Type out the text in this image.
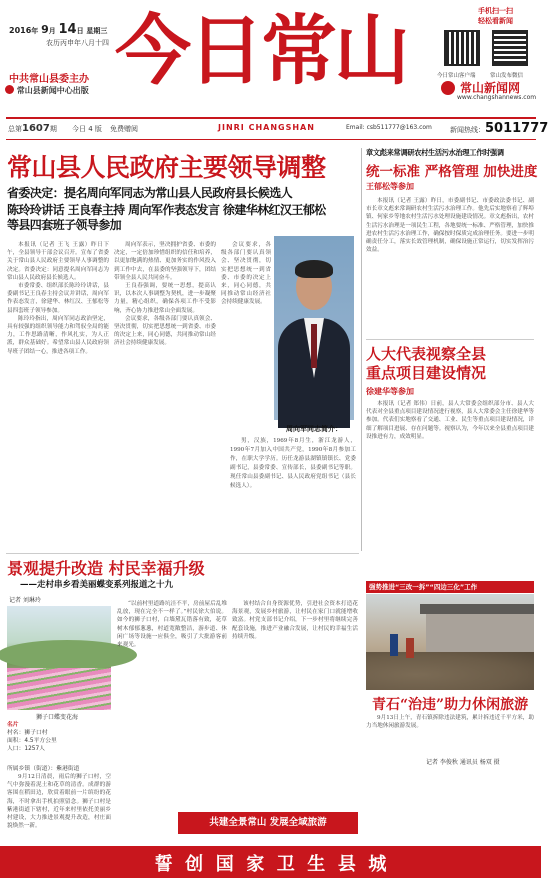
2016年 9月 14日 星期三
农历丙申年八月十四 今日常山
中共常山县委主办
常山县新闻中心出版
手机扫一扫
轻松看新闻
今日常山客户端	常山发布微信
常山新闻网
www.changshannews.com
总第1607期 今日 4 版 免费赠阅	JINRI CHANGSHAN	Email: csb511777@163.com	新闻热线：5011777
常山县人民政府主要领导调整
省委决定：提名周向军同志为常山县人民政府县长候选人
陈玲玲讲话 王良春主持 周向军作表态发言 徐建华林红汉王郁松
等县四套班子领导参加

本报讯（记者 王飞 王露）昨日下午，全县领导干部会议召开。宣布了省委关于常山县人民政府主要领导人事调整的决定。省委决定：同意提名周向军同志为常山县人民政府县长候选人。

市委常委、组织部长陈玲玲讲话，县委副书记王良春主持会议并讲话，周向军作表态发言，徐建华、林红汉、王郁松等县四套班子领导参加。

陈玲玲指出，周向军同志政治坚定，具有较强的组织领导能力和驾驭全局的能力，工作思路清晰，作风扎实，为人正派，群众基础好。希望常山县人民政府领导班子团结一心，推进各项工作。

周向军表示，坚决拥护省委、市委的决定，一定倍加珍惜组织的信任和培养，以更加饱满的热情、更加务实的作风投入到工作中去，在县委的坚强领导下，团结带领全县人民共同奋斗。

王良春强调，要统一思想，提高认识，以本次人事调整为契机，进一步凝聚力量，精心组织，确保各项工作不受影响，齐心协力推进常山全面发展。

会议要求，各级各部门要认真领会、坚决贯彻，切实把思想统一到省委、市委的决定上来，同心同德，共同推动常山经济社会持续健康发展。

会议要求，各级各部门要认真领会、坚决贯彻，切实把思想统一到省委、市委的决定上来，同心同德，共同推动常山经济社会持续健康发展。

周向军同志简介：
男，汉族，1969年8月生，浙江龙游人，1990年7月加入中国共产党，1990年8月参加工作，在职大学学历。历任龙游县湖镇镇镇长、党委副书记，县委常委、宣传部长，县委副书记等职。现任常山县委副书记、县人民政府党组书记（县长候选人）。
章文彪来常调研农村生活污水治理工作时强调
统一标准 严格管理 加快进度
王郁松等参加
本报讯（记者 王露）昨日，市委副书记、市委政法委书记、副市长章文彪来常调研农村生活污水治理工作。他先后实地察看了辉埠镇、何家乡等地农村生活污水处理设施建设情况。章文彪指出，农村生活污水治理是一项民生工程，各地要统一标准、严格管理，加快推进农村生活污水治理工作，确保按时保质完成治理任务。要进一步明确责任分工，落实长效管理机制，确保设施正常运行，切实发挥治污效益。
人大代表视察全县
重点项目建设情况
徐建华等参加
本报讯（记者 郑伟）日前，县人大常委会组织部分市、县人大代表对全县重点项目建设情况进行视察，县人大常委会主任徐建华等参加。代表们实地察看了交通、工业、民生等重点项目建设情况，详细了解项目进展、存在问题等。视察认为，今年以来全县重点项目建设推进有力，成效明显。
强势推进“三改一拆”“四边三化”工作
青石“治违”助力休闲旅游
9月13日上午，青石镇拆除违法建筑，累计拆违近千平方米，助力当地休闲旅游发展。
记者 李俊秋 通讯员 杨双 摄
景观提升改造 村民幸福升级
——走村串乡看美丽蝶变系列报道之十九
记者 刘琳玲
狮子口蝶变花海
名片
村名：狮子口村
面积：4.5平方公里
人口：1257人
所属乡镇（街道）：紫港街道
9月12日清晨，雨后的狮子口村，空气中弥漫着泥土和花草的清香。成群的游客围在稻田边，欣赏着眼前一片缤纷的花海，不时拿出手机拍照留念。狮子口村是紫港街道下辖村，近年来村里依托美丽乡村建设，大力推进景观提升改造，村庄面貌焕然一新。
“以前村里道路坑洼不平，房前屋后乱堆乱放，现在完全不一样了。”村民徐大伯说。如今的狮子口村，白墙黛瓦错落有致，花草树木郁郁葱葱，村道宽敞整洁，游步道、休闲广场等设施一应俱全，吸引了大批游客前来观光。
该村结合自身资源优势，引进社会资本打造花海景观，发展乡村旅游，让村民在家门口就能增收致富。村党支部书记介绍，下一步村里将继续完善配套设施，推进产业融合发展，让村民的幸福生活持续升级。
共建全景常山 发展全域旅游
誓  创  国  家  卫  生  县  城
